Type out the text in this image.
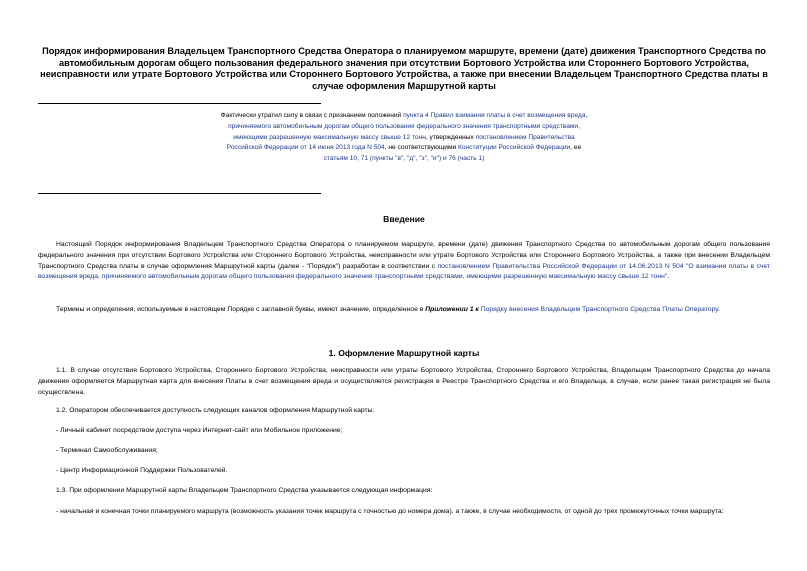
Порядок информирования Владельцем Транспортного Средства Оператора о планируемом маршруте, времени (дате) движения Транспортного Средства по автомобильным дорогам общего пользования федерального значения при отсутствии Бортового Устройства или Стороннего Бортового Устройства, неисправности или утрате Бортового Устройства или Стороннего Бортового Устройства, а также при внесении Владельцем Транспортного Средства платы в случае оформления Маршрутной карты
Фактически утратил силу в связи с признанием положений пункта 4 Правил взимания платы в счет возмещения вреда, причиняемого автомобильным дорогам общего пользования федерального значения транспортными средствами, имеющими разрешенную максимальную массу свыше 12 тонн, утвержденных постановлением Правительства Российской Федерации от 14 июня 2013 года N 504, не соответствующими Конституции Российской Федерации, ее статьям 10, 71 (пункты "в", "д", "з", "и") и 76 (часть 1)
Введение
Настоящий Порядок информирования Владельцем Транспортного Средства Оператора о планируемом маршруте, времени (дате) движения Транспортного Средства по автомобильным дорогам общего пользования федерального значения при отсутствии Бортового Устройства или Стороннего Бортового Устройства, неисправности или утрате Бортового Устройства или Стороннего Бортового Устройства, а также при внесении Владельцем Транспортного Средства платы в случае оформления Маршрутной карты (далее - "Порядок") разработан в соответствии с постановлением Правительства Российской Федерации от 14.06.2013 N 504 "О взимании платы в счет возмещения вреда, причиняемого автомобильным дорогам общего пользования федерального значения транспортными средствами, имеющими разрешенную максимальную массу свыше 12 тонн".
Термины и определения, используемые в настоящем Порядке с заглавной буквы, имеют значение, определенное в Приложении 1 к Порядку внесения Владельцем Транспортного Средства Платы Оператору.
1. Оформление Маршрутной карты
1.1. В случае отсутствия Бортового Устройства, Стороннего Бортового Устройства, неисправности или утраты Бортового Устройства, Стороннего Бортового Устройства, Владельцем Транспортного Средства до начала движения оформляется Маршрутная карта для внесения Платы в счет возмещения вреда и осуществляется регистрация в Реестре Транспортного Средства и его Владельца, в случае, если ранее такая регистрация не была осуществлена.
1.2. Оператором обеспечивается доступность следующих каналов оформления Маршрутной карты:
- Личный кабинет посредством доступа через Интернет-сайт или Мобильное приложение;
- Терминал Самообслуживания;
- Центр Информационной Поддержки Пользователей.
1.3. При оформлении Маршрутной карты Владельцем Транспортного Средства указывается следующая информация:
- начальная и конечная точки планируемого маршрута (возможность указания точек маршрута с точностью до номера дома), а также, в случае необходимости, от одной до трех промежуточных точки маршрута;
